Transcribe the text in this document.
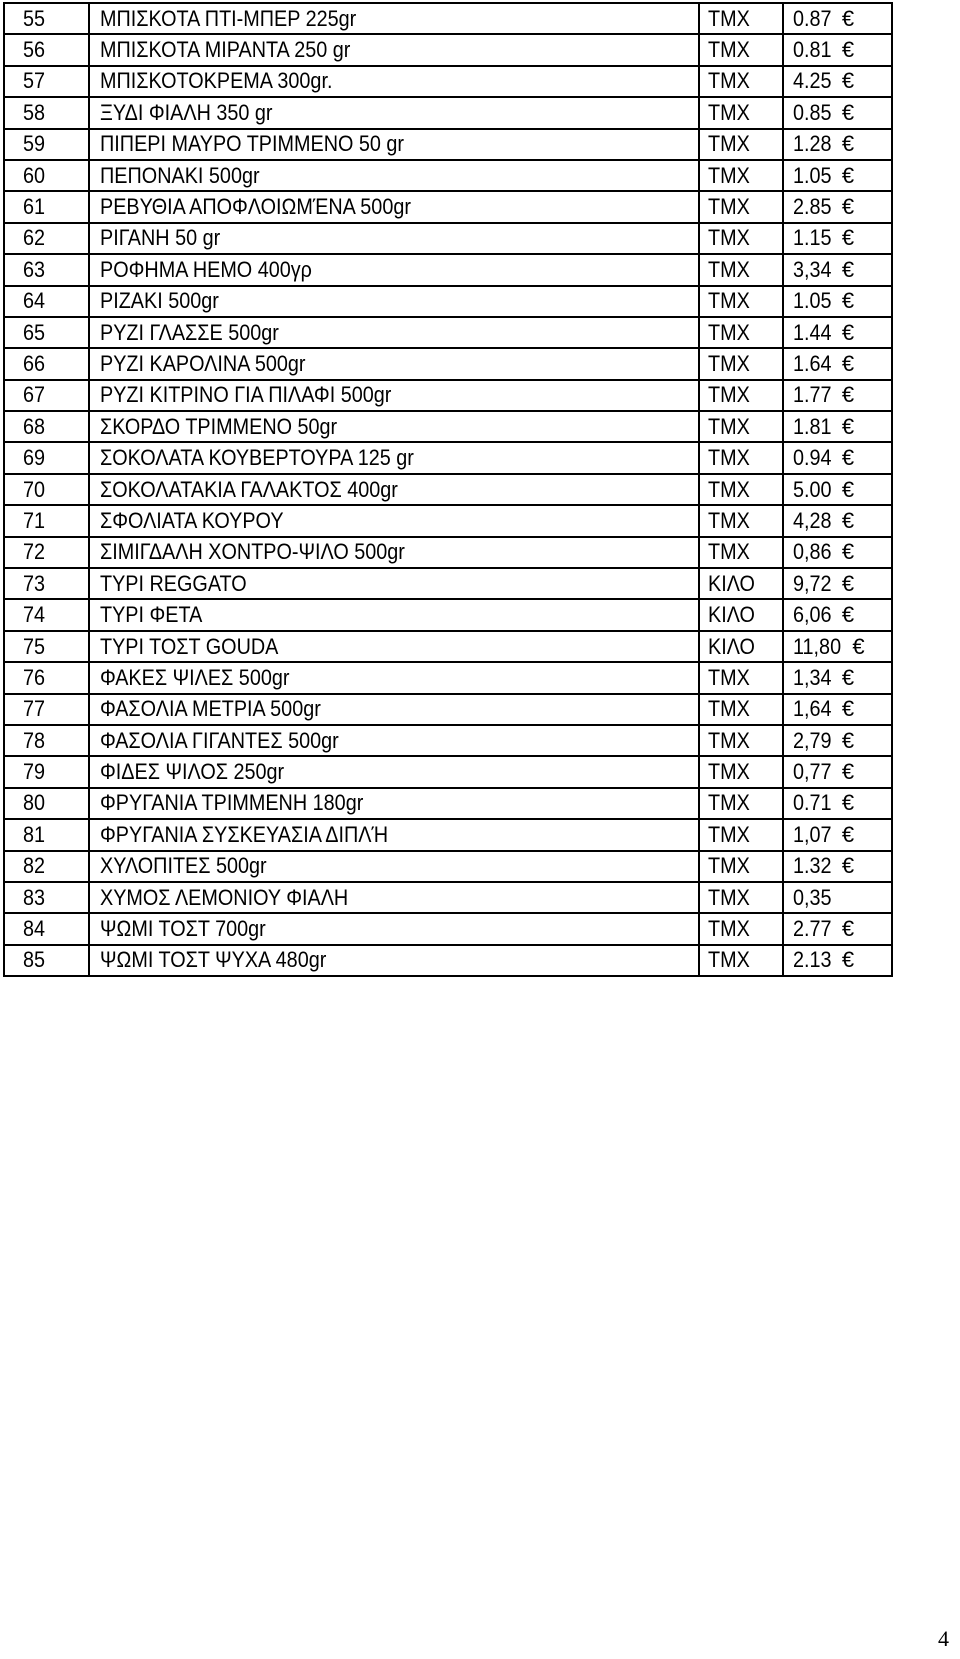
55	ΜΠΙΣΚΟΤΑ ΠΤΙ-ΜΠΕΡ 225gr	ΤΜΧ	0.87 €
56	ΜΠΙΣΚΟΤΑ ΜΙΡΑΝΤΑ 250 gr	ΤΜΧ	0.81 €
57	ΜΠΙΣΚΟΤΟΚΡΕΜΑ 300gr.	ΤΜΧ	4.25 €
58	ΞΥΔΙ ΦΙΑΛΗ 350 gr	ΤΜΧ	0.85 €
59	ΠΙΠΕΡΙ ΜΑΥΡΟ ΤΡΙΜΜΕΝΟ 50 gr	ΤΜΧ	1.28 €
60	ΠΕΠΟΝΑΚΙ 500gr	ΤΜΧ	1.05 €
61	ΡΕΒΥΘΙΑ ΑΠΟΦΛΟΙΩΜΈΝΑ 500gr	ΤΜΧ	2.85 €
62	ΡΙΓΑΝΗ 50 gr	ΤΜΧ	1.15 €
63	ΡΟΦΗΜΑ ΗΕΜΟ 400γρ	ΤΜΧ	3,34 €
64	ΡΙΖΑΚΙ 500gr	ΤΜΧ	1.05 €
65	ΡΥΖΙ ΓΛΑΣΣΕ 500gr	ΤΜΧ	1.44 €
66	ΡΥΖΙ ΚΑΡΟΛΙΝΑ 500gr	ΤΜΧ	1.64 €
67	ΡΥΖΙ ΚΙΤΡΙΝΟ ΓΙΑ ΠΙΛΑΦΙ 500gr	ΤΜΧ	1.77 €
68	ΣΚΟΡΔΟ ΤΡΙΜΜΕΝΟ 50gr	ΤΜΧ	1.81 €
69	ΣΟΚΟΛΑΤΑ ΚΟΥΒΕΡΤΟΥΡΑ 125 gr	ΤΜΧ	0.94 €
70	ΣΟΚΟΛΑΤΑΚΙΑ ΓΑΛΑΚΤΟΣ 400gr	ΤΜΧ	5.00 €
71	ΣΦΟΛΙΑΤΑ ΚΟΥΡΟΥ	ΤΜΧ	4,28 €
72	ΣΙΜΙΓΔΑΛΗ ΧΟΝΤΡΟ-ΨΙΛΟ 500gr	ΤΜΧ	0,86 €
73	ΤΥΡΙ REGGATO	ΚΙΛΟ	9,72 €
74	ΤΥΡΙ ΦΕΤΑ	ΚΙΛΟ	6,06 €
75	ΤΥΡΙ ΤΟΣΤ GOUDA	ΚΙΛΟ	11,80 €
76	ΦΑΚΕΣ ΨΙΛΕΣ 500gr	ΤΜΧ	1,34 €
77	ΦΑΣΟΛΙΑ ΜΕΤΡΙΑ 500gr	ΤΜΧ	1,64 €
78	ΦΑΣΟΛΙΑ ΓΙΓΑΝΤΕΣ 500gr	ΤΜΧ	2,79 €
79	ΦΙΔΕΣ ΨΙΛΟΣ 250gr	ΤΜΧ	0,77 €
80	ΦΡΥΓΑΝΙΑ ΤΡΙΜΜΕΝΗ 180gr	ΤΜΧ	0.71 €
81	ΦΡΥΓΑΝΙΑ ΣΥΣΚΕΥΑΣΙΑ ΔΙΠΛΉ	ΤΜΧ	1,07 €
82	ΧΥΛΟΠΙΤΕΣ 500gr	ΤΜΧ	1.32 €
83	ΧΥΜΟΣ ΛΕΜΟΝΙΟΥ ΦΙΑΛΗ	ΤΜΧ	0,35
84	ΨΩΜΙ ΤΟΣΤ 700gr	ΤΜΧ	2.77 €
85	ΨΩΜΙ ΤΟΣΤ ΨΥΧΑ 480gr	ΤΜΧ	2.13 €
4
